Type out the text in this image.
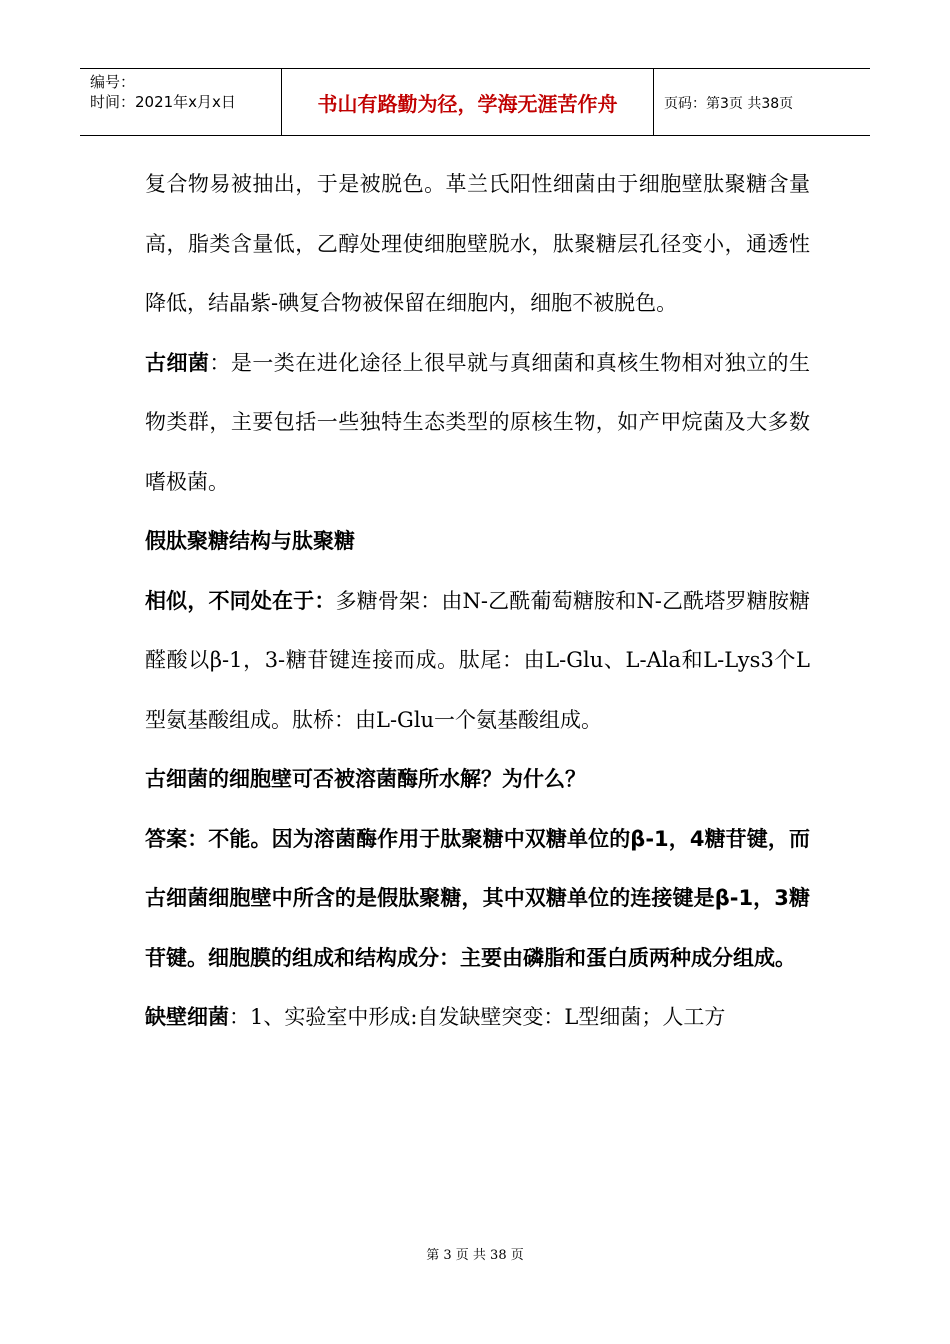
编号：
时间：2021年x月x日	书山有路勤为径，学海无涯苦作舟	页码：第3页 共38页

复合物易被抽出，于是被脱色。革兰氏阳性细菌由于细胞壁肽聚糖含量高，脂类含量低，乙醇处理使细胞壁脱水，肽聚糖层孔径变小，通透性降低，结晶紫-碘复合物被保留在细胞内，细胞不被脱色。

古细菌：是一类在进化途径上很早就与真细菌和真核生物相对独立的生物类群，主要包括一些独特生态类型的原核生物，如产甲烷菌及大多数嗜极菌。

假肽聚糖结构与肽聚糖

相似，不同处在于：多糖骨架：由N-乙酰葡萄糖胺和N-乙酰塔罗糖胺糖醛酸以β-1，3-糖苷键连接而成。肽尾：由L-Glu、L-Ala和L-Lys3个L型氨基酸组成。肽桥：由L-Glu一个氨基酸组成。

古细菌的细胞壁可否被溶菌酶所水解？为什么？

答案：不能。因为溶菌酶作用于肽聚糖中双糖单位的β-1，4糖苷键，而古细菌细胞壁中所含的是假肽聚糖，其中双糖单位的连接键是β-1，3糖苷键。细胞膜的组成和结构成分：主要由磷脂和蛋白质两种成分组成。

缺壁细菌：1、实验室中形成:自发缺壁突变：L型细菌；人工方

第 3 页 共 38 页
